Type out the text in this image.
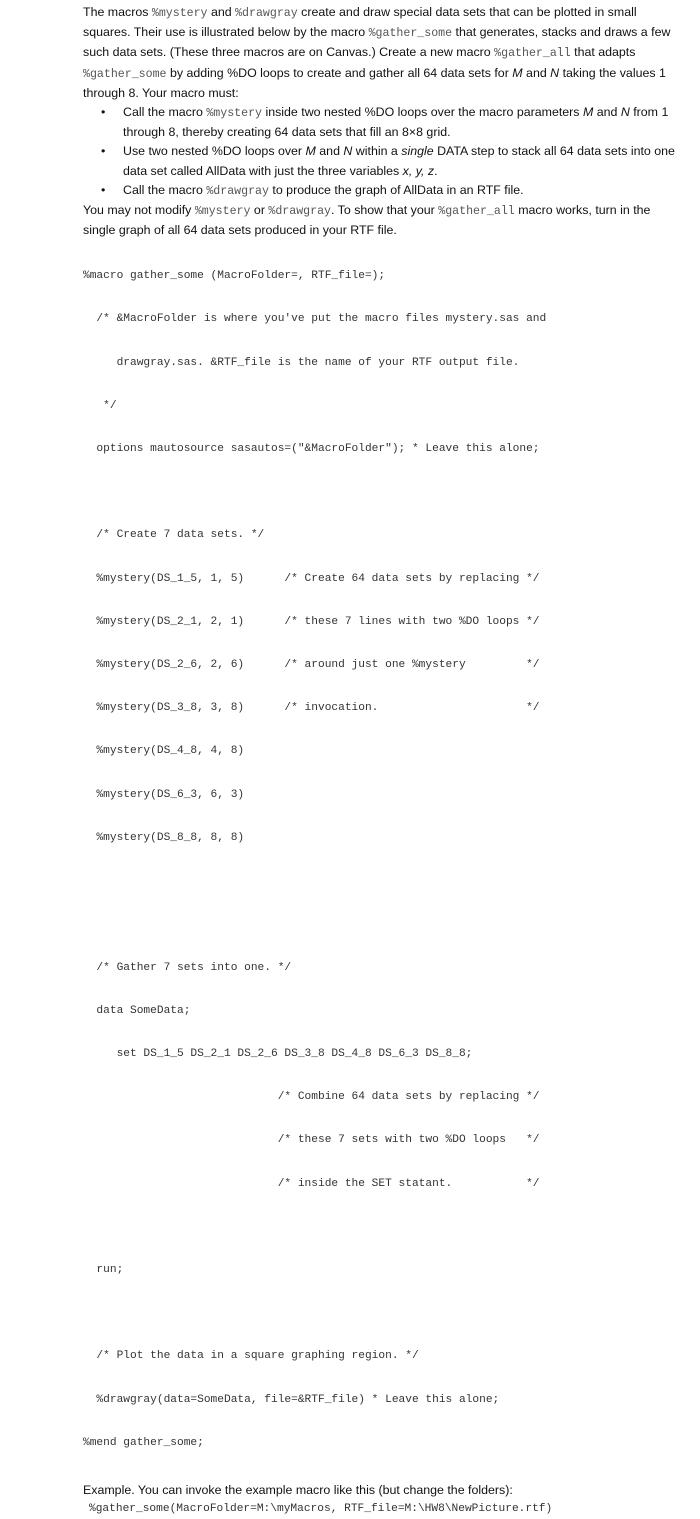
The macros %mystery and %drawgray create and draw special data sets that can be plotted in small squares. Their use is illustrated below by the macro %gather_some that generates, stacks and draws a few such data sets. (These three macros are on Canvas.) Create a new macro %gather_all that adapts %gather_some by adding %DO loops to create and gather all 64 data sets for M and N taking the values 1 through 8. Your macro must:

• Call the macro %mystery inside two nested %DO loops over the macro parameters M and N from 1 through 8, thereby creating 64 data sets that fill an 8×8 grid.
• Use two nested %DO loops over M and N within a single DATA step to stack all 64 data sets into one data set called AllData with just the three variables x, y, z.
• Call the macro %drawgray to produce the graph of AllData in an RTF file.

You may not modify %mystery or %drawgray. To show that your %gather_all macro works, turn in the single graph of all 64 data sets produced in your RTF file.

%macro gather_some (MacroFolder=, RTF_file=);

/* &MacroFolder is where you've put the macro files mystery.sas and

drawgray.sas. &RTF_file is the name of your RTF output file.

*/

options mautosource sasautos=("&MacroFolder"); * Leave this alone;

/* Create 7 data sets. */

%mystery(DS_1_5, 1, 5)      /* Create 64 data sets by replacing */

%mystery(DS_2_1, 2, 1)      /* these 7 lines with two %DO loops */

%mystery(DS_2_6, 2, 6)      /* around just one %mystery         */

%mystery(DS_3_8, 3, 8)      /* invocation.                      */

%mystery(DS_4_8, 4, 8)

%mystery(DS_6_3, 6, 3)

%mystery(DS_8_8, 8, 8)

/* Gather 7 sets into one. */

data SomeData;

set DS_1_5 DS_2_1 DS_2_6 DS_3_8 DS_4_8 DS_6_3 DS_8_8;

/* Combine 64 data sets by replacing */

/* these 7 sets with two %DO loops   */

/* inside the SET statant.           */

run;

/* Plot the data in a square graphing region. */

%drawgray(data=SomeData, file=&RTF_file) * Leave this alone;

%mend gather_some;

Example. You can invoke the example macro like this (but change the folders):

%gather_some(MacroFolder=M:\myMacros, RTF_file=M:\HW8\NewPicture.rtf)
